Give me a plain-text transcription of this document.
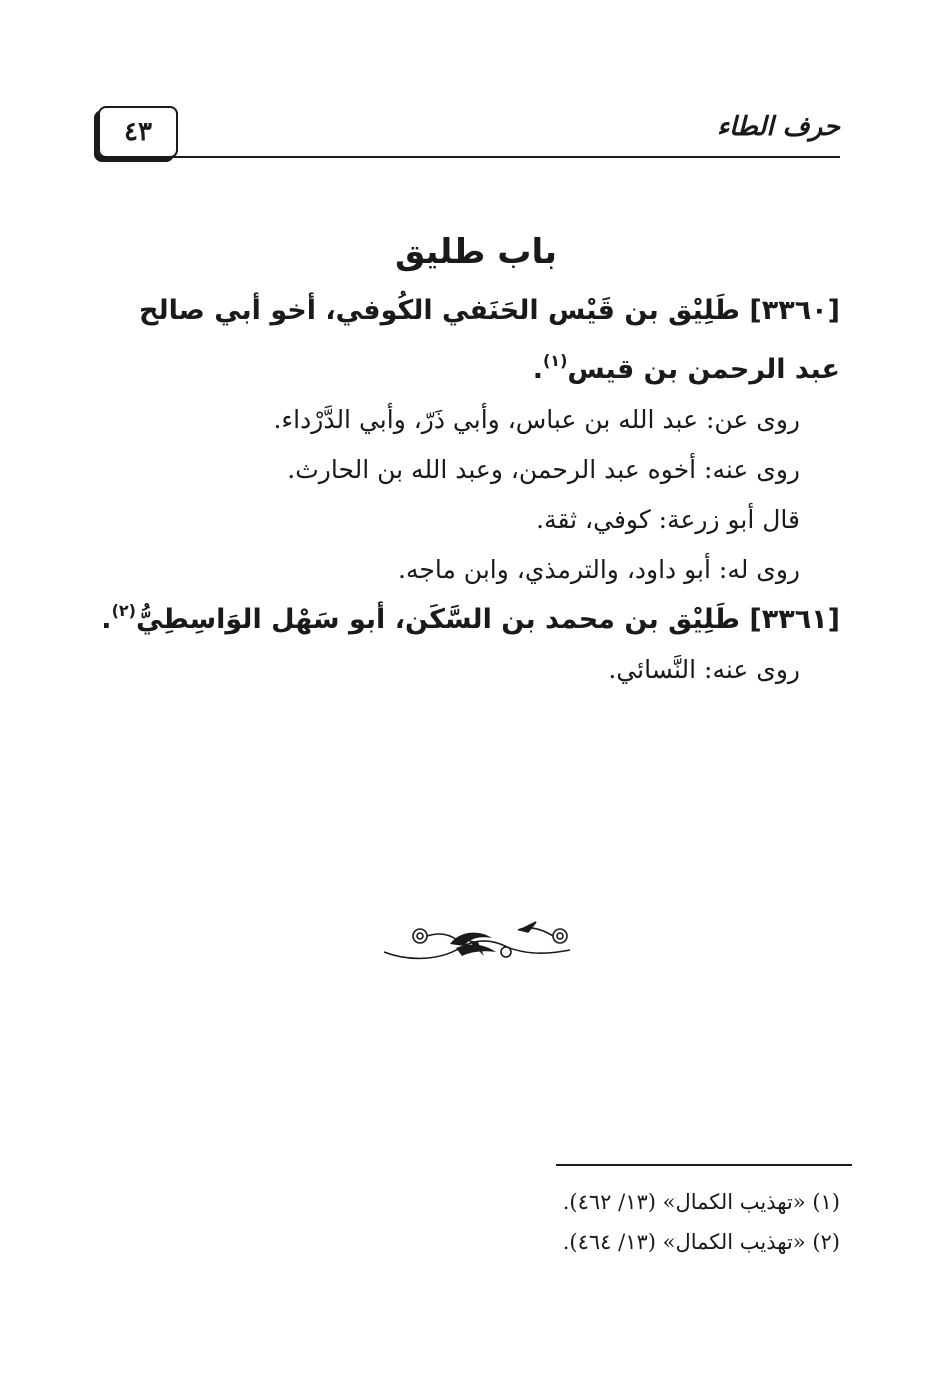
٤٣	حرف الطاء
باب طليق
[٣٣٦٠] طَلِيْق بن قَيْس الحَنَفي الكُوفي، أخو أبي صالح عبد الرحمن بن قيس$^{(١)}$.
روى عن: عبد الله بن عباس، وأبي ذَرّ، وأبي الدَّرْداء.
روى عنه: أخوه عبد الرحمن، وعبد الله بن الحارث.
قال أبو زرعة: كوفي، ثقة.
روى له: أبو داود، والترمذي، وابن ماجه.
[٣٣٦١] طَلِيْق بن محمد بن السَّكَن، أبو سَهْل الوَاسِطِيُّ$^{(٢)}$.
روى عنه: النَّسائي.
(١) «تهذيب الكمال» (١٣/ ٤٦٢).
(٢) «تهذيب الكمال» (١٣/ ٤٦٤).
